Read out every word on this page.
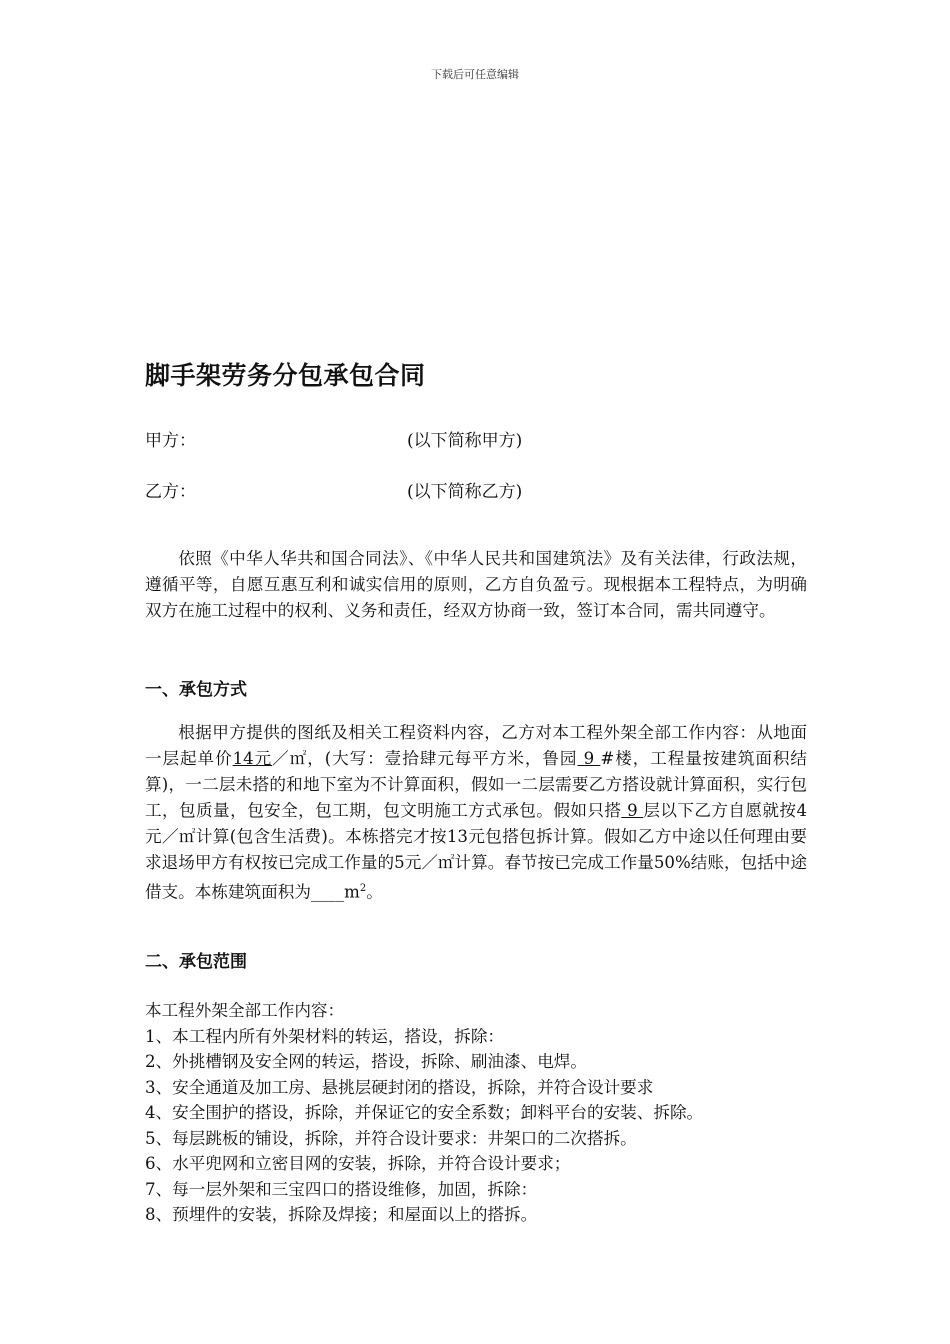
下载后可任意编辑
脚手架劳务分包承包合同
甲方：	(以下简称甲方)
乙方：	(以下简称乙方)

依照《中华人华共和国合同法》、《中华人民共和国建筑法》及有关法律，行政法规，遵循平等，自愿互惠互利和诚实信用的原则，乙方自负盈亏。现根据本工程特点，为明确双方在施工过程中的权利、义务和责任，经双方协商一致，签订本合同，需共同遵守。

一、承包方式

根据甲方提供的图纸及相关工程资料内容，乙方对本工程外架全部工作内容：从地面一层起单价14元／㎡，(大写：壹拾肆元每平方米，鲁园 9 #楼，工程量按建筑面积结算)，一二层未搭的和地下室为不计算面积，假如一二层需要乙方搭设就计算面积，实行包工，包质量，包安全，包工期，包文明施工方式承包。假如只搭 9 层以下乙方自愿就按4元／㎡计算(包含生活费)。本栋搭完才按13元包搭包拆计算。假如乙方中途以任何理由要求退场甲方有权按已完成工作量的5元／㎡计算。春节按已完成工作量50%结账，包括中途借支。本栋建筑面积为$\_\_\_\_m^2$。

二、承包范围
本工程外架全部工作内容：
1、本工程内所有外架材料的转运，搭设，拆除：
2、外挑槽钢及安全网的转运，搭设，拆除、刷油漆、电焊。
3、安全通道及加工房、悬挑层硬封闭的搭设，拆除，并符合设计要求
4、安全围护的搭设，拆除，并保证它的安全系数；卸料平台的安装、拆除。
5、每层跳板的铺设，拆除，并符合设计要求：井架口的二次搭拆。
6、水平兜网和立密目网的安装，拆除，并符合设计要求；
7、每一层外架和三宝四口的搭设维修，加固，拆除：
8、预埋件的安装，拆除及焊接；和屋面以上的搭拆。
